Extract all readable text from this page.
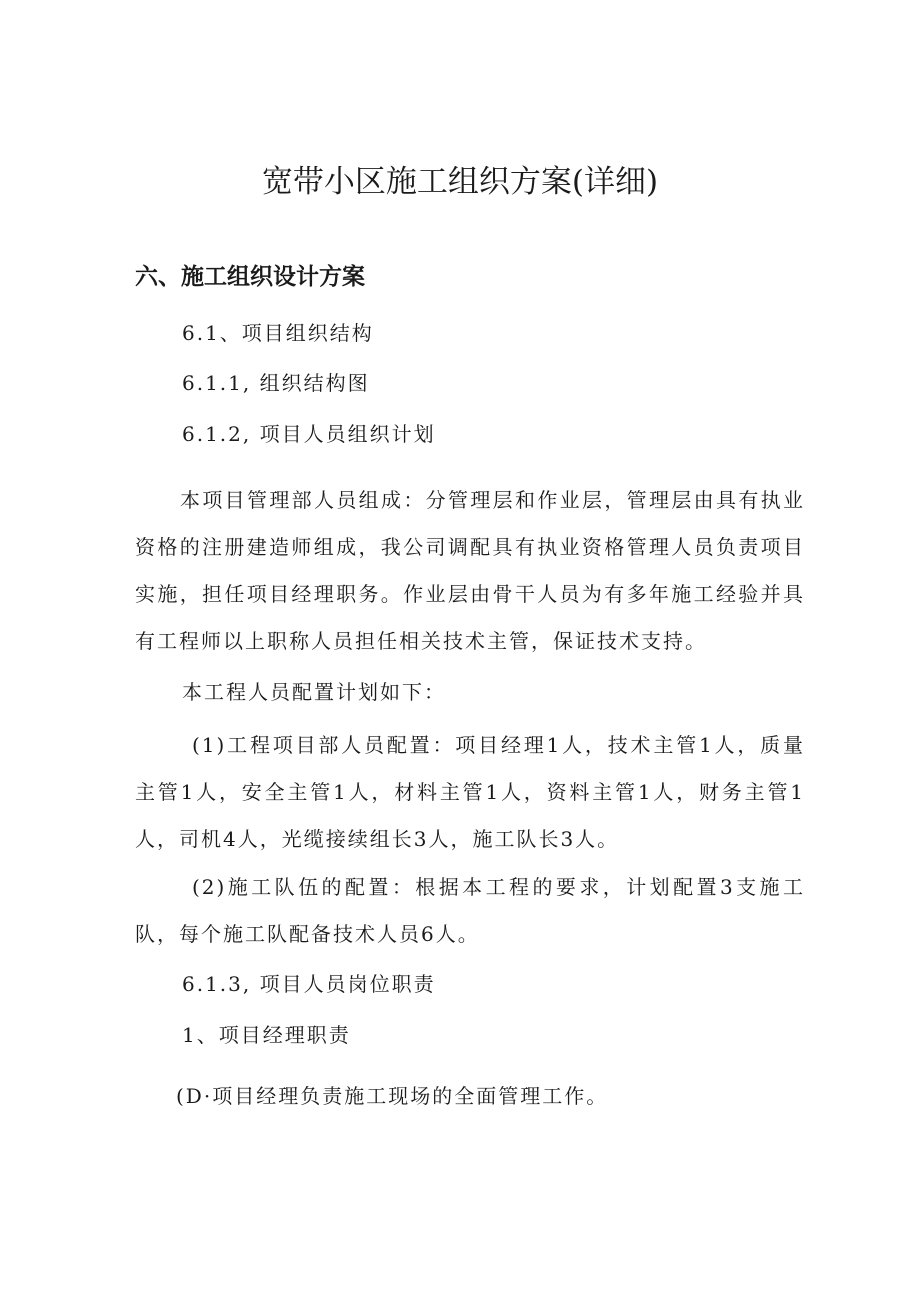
宽带小区施工组织方案(详细)
六、施工组织设计方案
6.1、项目组织结构
6.1.1, 组织结构图
6.1.2, 项目人员组织计划
本项目管理部人员组成：分管理层和作业层，管理层由具有执业资格的注册建造师组成，我公司调配具有执业资格管理人员负责项目实施，担任项目经理职务。作业层由骨干人员为有多年施工经验并具有工程师以上职称人员担任相关技术主管，保证技术支持。
本工程人员配置计划如下：
(1)工程项目部人员配置：项目经理1人，技术主管1人，质量主管1人，安全主管1人，材料主管1人，资料主管1人，财务主管1人，司机4人，光缆接续组长3人，施工队长3人。
(2)施工队伍的配置：根据本工程的要求，计划配置3支施工队，每个施工队配备技术人员6人。
6.1.3, 项目人员岗位职责
1、项目经理职责
(D·项目经理负责施工现场的全面管理工作。
